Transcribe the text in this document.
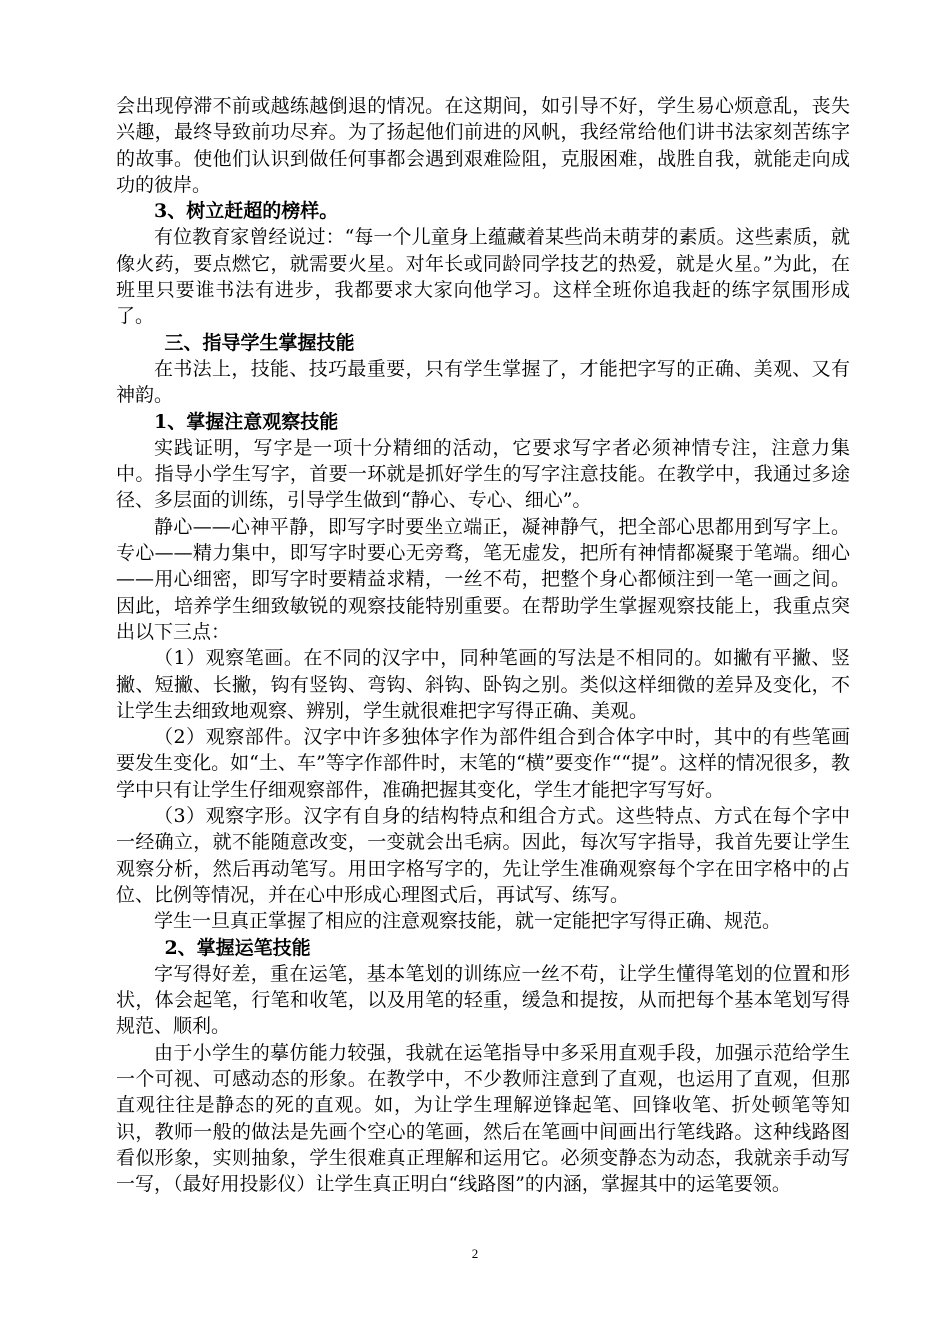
会出现停滞不前或越练越倒退的情况。在这期间，如引导不好，学生易心烦意乱，丧失兴趣，最终导致前功尽弃。为了扬起他们前进的风帆，我经常给他们讲书法家刻苦练字的故事。使他们认识到做任何事都会遇到艰难险阻，克服困难，战胜自我，就能走向成功的彼岸。

3、树立赶超的榜样。

有位教育家曾经说过：“每一个儿童身上蕴藏着某些尚未萌芽的素质。这些素质，就像火药，要点燃它，就需要火星。对年长或同龄同学技艺的热爱，就是火星。”为此，在班里只要谁书法有进步，我都要求大家向他学习。这样全班你追我赶的练字氛围形成了。

三、指导学生掌握技能

在书法上，技能、技巧最重要，只有学生掌握了，才能把字写的正确、美观、又有神韵。

1、掌握注意观察技能

实践证明，写字是一项十分精细的活动，它要求写字者必须神情专注，注意力集中。指导小学生写字，首要一环就是抓好学生的写字注意技能。在教学中，我通过多途径、多层面的训练，引导学生做到“静心、专心、细心”。

静心——心神平静，即写字时要坐立端正，凝神静气，把全部心思都用到写字上。专心——精力集中，即写字时要心无旁骛，笔无虚发，把所有神情都凝聚于笔端。细心——用心细密，即写字时要精益求精，一丝不苟，把整个身心都倾注到一笔一画之间。因此，培养学生细致敏锐的观察技能特别重要。在帮助学生掌握观察技能上，我重点突出以下三点：

（1）观察笔画。在不同的汉字中，同种笔画的写法是不相同的。如撇有平撇、竖撇、短撇、长撇，钩有竖钩、弯钩、斜钩、卧钩之别。类似这样细微的差异及变化，不让学生去细致地观察、辨别，学生就很难把字写得正确、美观。

（2）观察部件。汉字中许多独体字作为部件组合到合体字中时，其中的有些笔画要发生变化。如“土、车”等字作部件时，末笔的“横”要变作““提”。这样的情况很多，教学中只有让学生仔细观察部件，准确把握其变化，学生才能把字写写好。

（3）观察字形。汉字有自身的结构特点和组合方式。这些特点、方式在每个字中一经确立，就不能随意改变，一变就会出毛病。因此，每次写字指导，我首先要让学生观察分析，然后再动笔写。用田字格写字的，先让学生准确观察每个字在田字格中的占位、比例等情况，并在心中形成心理图式后，再试写、练写。

学生一旦真正掌握了相应的注意观察技能，就一定能把字写得正确、规范。

2、掌握运笔技能

字写得好差，重在运笔，基本笔划的训练应一丝不苟，让学生懂得笔划的位置和形状，体会起笔，行笔和收笔，以及用笔的轻重，缓急和提按，从而把每个基本笔划写得规范、顺利。

由于小学生的摹仿能力较强，我就在运笔指导中多采用直观手段，加强示范给学生一个可视、可感动态的形象。在教学中，不少教师注意到了直观，也运用了直观，但那直观往往是静态的死的直观。如，为让学生理解逆锋起笔、回锋收笔、折处顿笔等知识，教师一般的做法是先画个空心的笔画，然后在笔画中间画出行笔线路。这种线路图看似形象，实则抽象，学生很难真正理解和运用它。必须变静态为动态，我就亲手动写一写，（最好用投影仪）让学生真正明白“线路图”的内涵，掌握其中的运笔要领。

2
